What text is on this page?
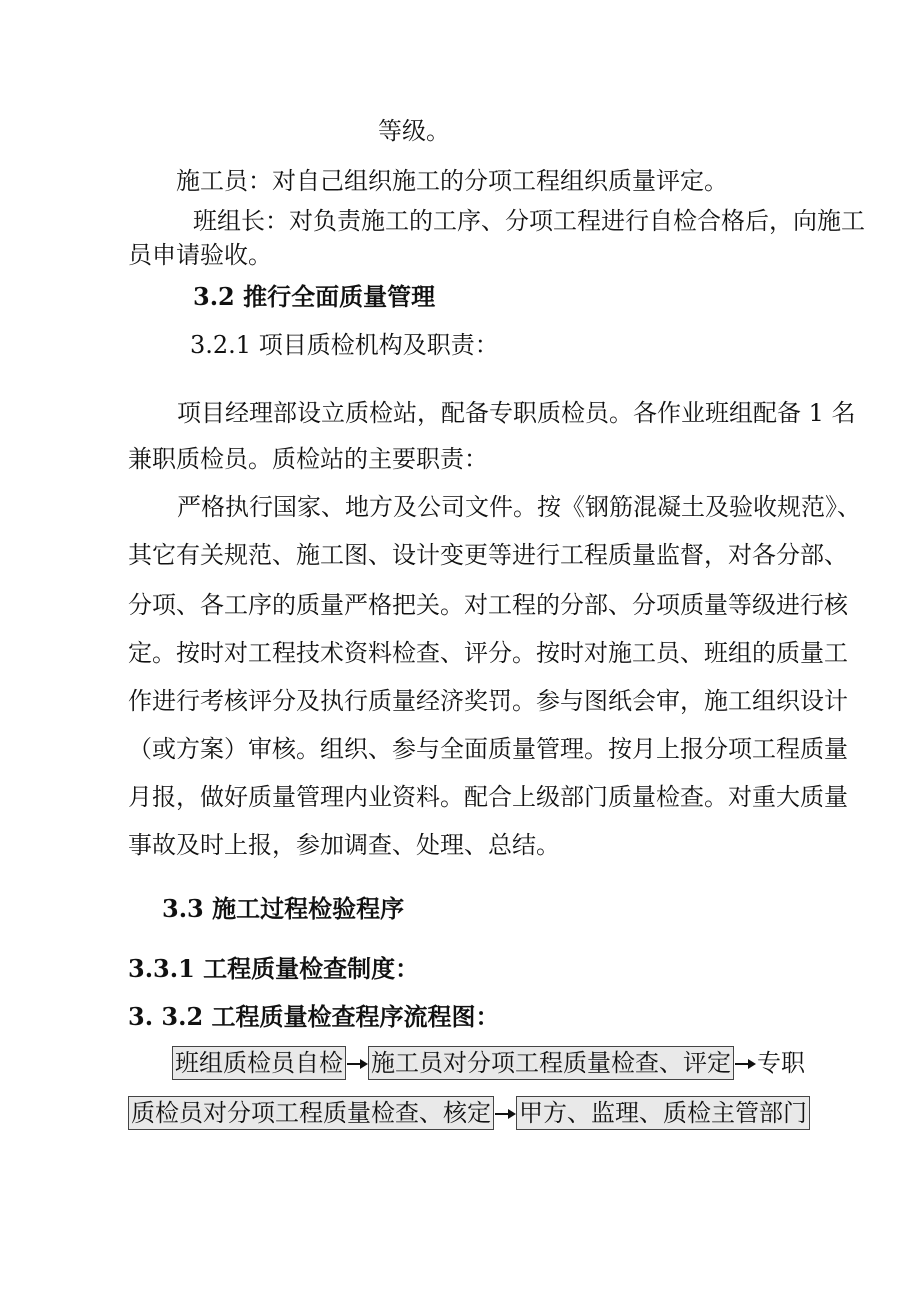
等级。
施工员：对自己组织施工的分项工程组织质量评定。
班组长：对负责施工的工序、分项工程进行自检合格后，向施工
员申请验收。
3.2 推行全面质量管理
3.2.1 项目质检机构及职责：
项目经理部设立质检站，配备专职质检员。各作业班组配备 1 名
兼职质检员。质检站的主要职责：
严格执行国家、地方及公司文件。按《钢筋混凝土及验收规范》、
其它有关规范、施工图、设计变更等进行工程质量监督，对各分部、
分项、各工序的质量严格把关。对工程的分部、分项质量等级进行核
定。按时对工程技术资料检查、评分。按时对施工员、班组的质量工
作进行考核评分及执行质量经济奖罚。参与图纸会审，施工组织设计
（或方案）审核。组织、参与全面质量管理。按月上报分项工程质量
月报，做好质量管理内业资料。配合上级部门质量检查。对重大质量
事故及时上报，参加调查、处理、总结。
3.3 施工过程检验程序
3.3.1 工程质量检查制度：
3. 3.2 工程质量检查程序流程图：
班组质检员自检 施工员对分项工程质量检查、评定 专职
质检员对分项工程质量检查、核定 甲方、监理、质检主管部门
